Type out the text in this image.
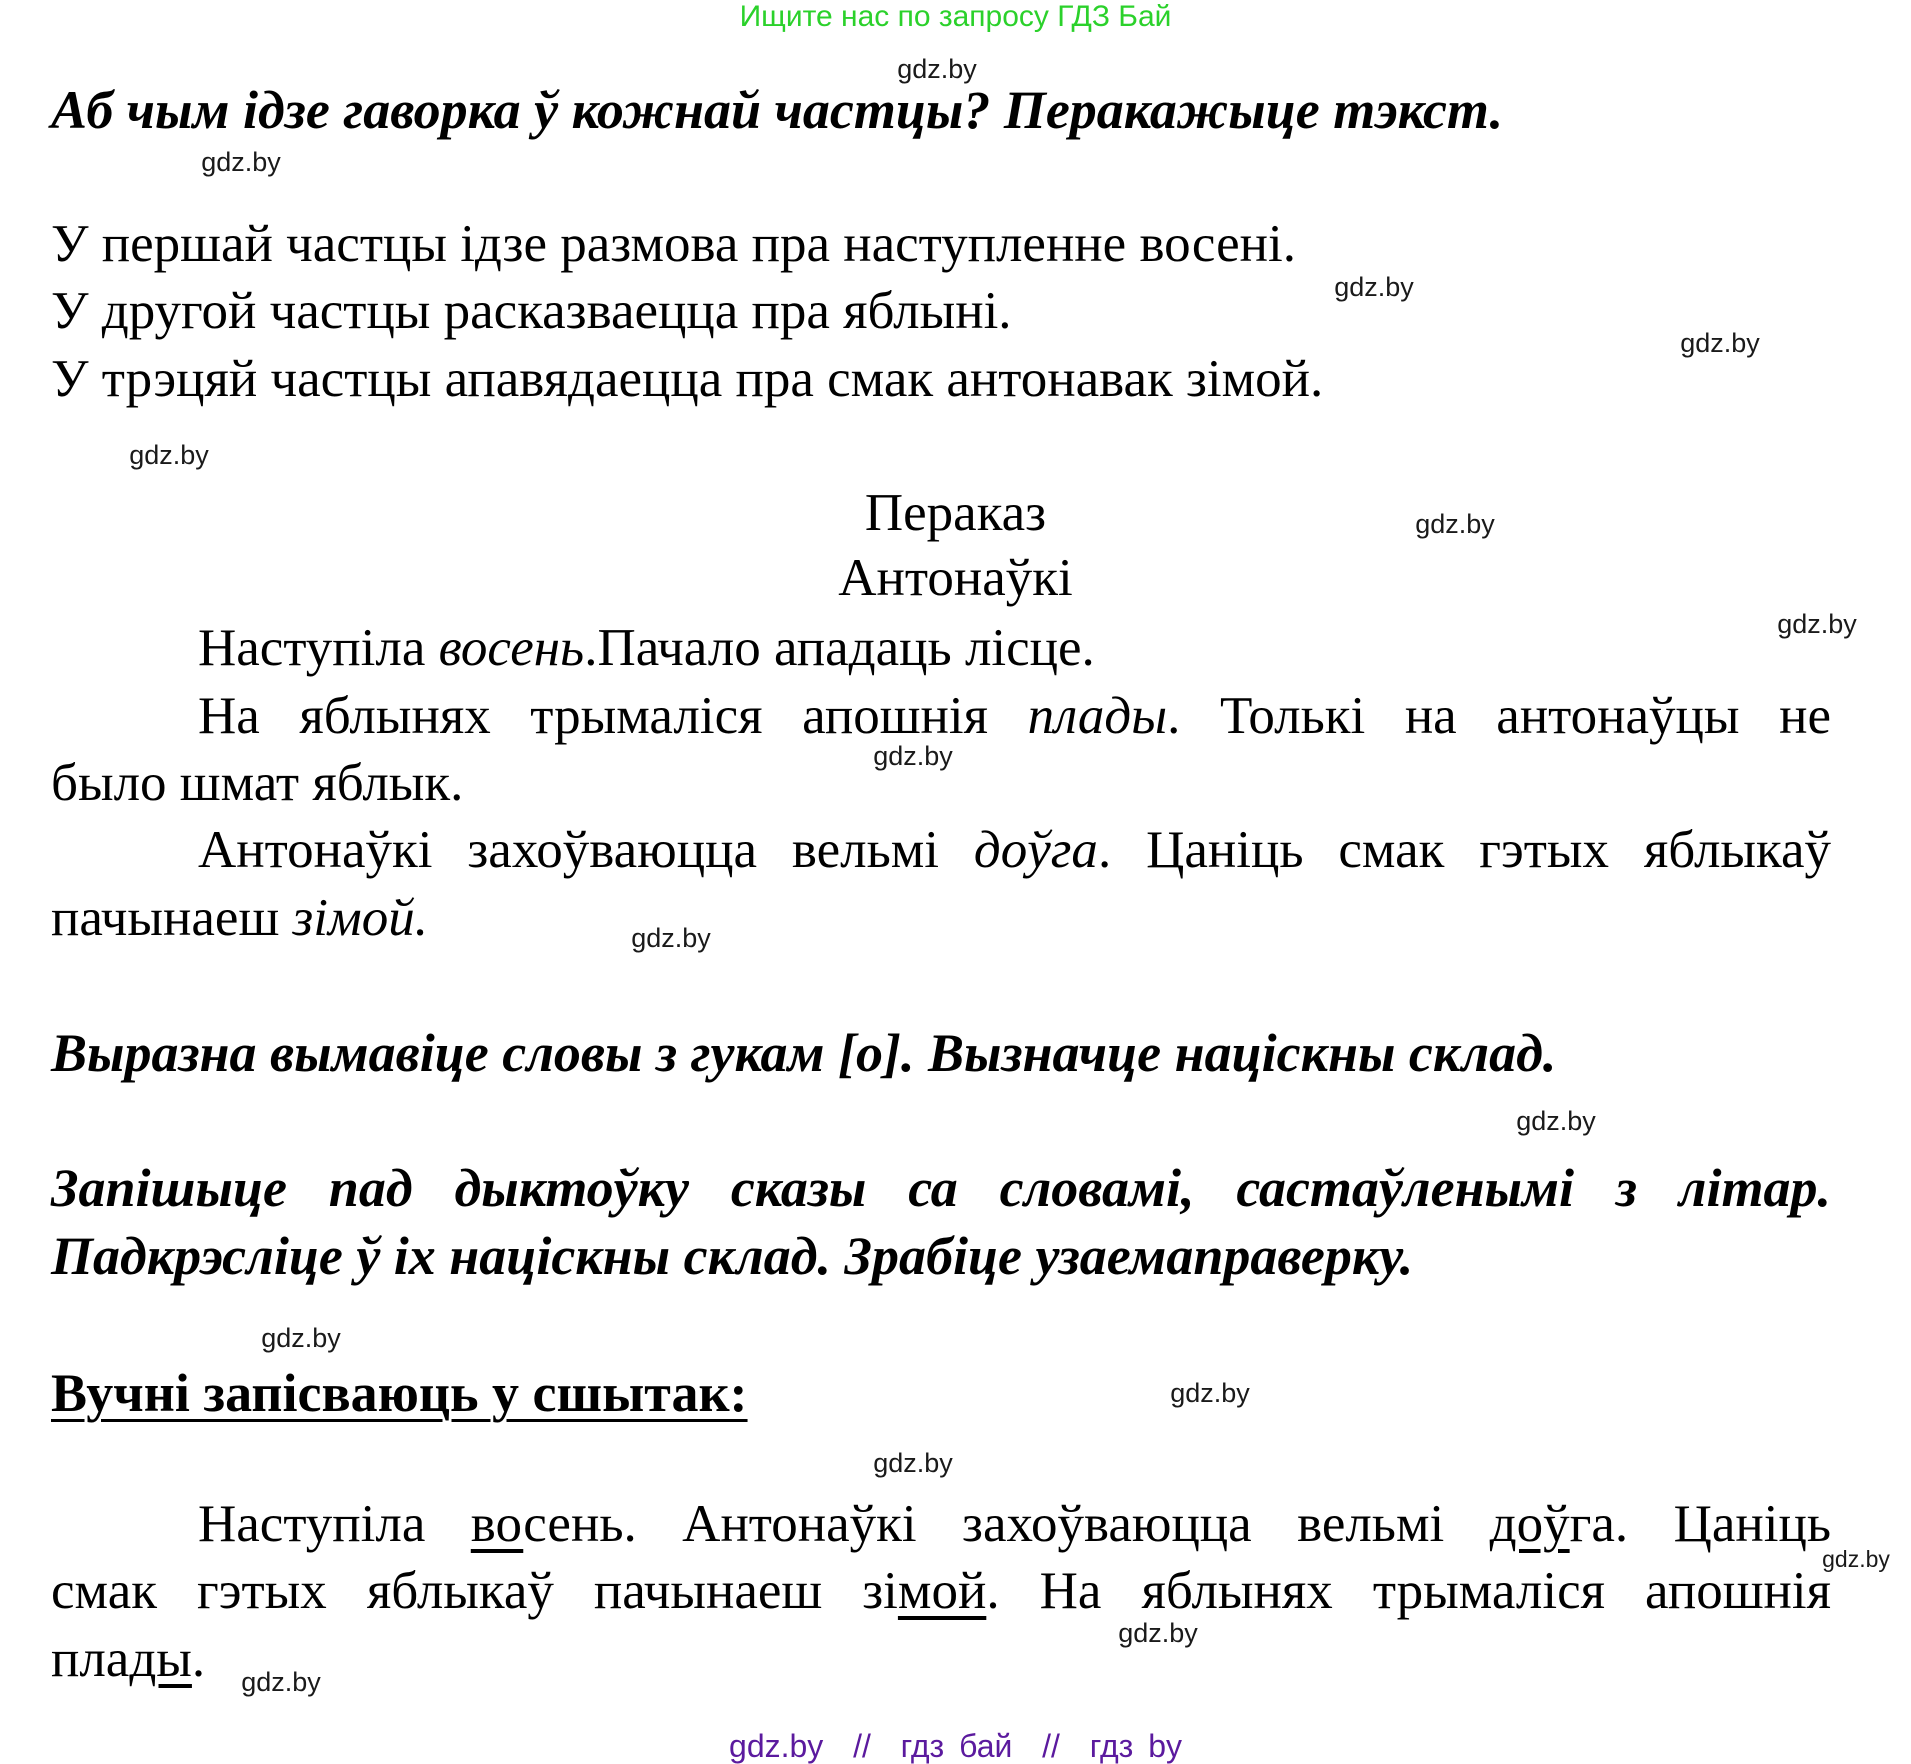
Ищите нас по запросу ГДЗ Бай
gdz.by
gdz.by
gdz.by
gdz.by
gdz.by
gdz.by
gdz.by
gdz.by
gdz.by
gdz.by
gdz.by
gdz.by
gdz.by
gdz.by
gdz.by
gdz.by
Аб чым ідзе гаворка ў кожнай частцы? Перакажыце тэкст.
У першай частцы ідзе размова пра наступленне восені.
У другой частцы расказваецца пра яблыні.
У трэцяй частцы апавядаецца пра смак антонавак зімой.
Пераказ
Антонаўкі
Наступіла восень.Пачало ападаць лісце.
На яблынях трымаліся апошнія плады. Толькі на антонаўцы не
было шмат яблык.
Антонаўкі захоўваюцца вельмі доўга. Цаніць смак гэтых яблыкаў
пачынаеш зімой.
Выразна вымавіце словы з гукам [о]. Вызначце націскны склад.
Запішыце пад дыктоўку сказы са словамі, састаўленымі з літар.
Падкрэсліце ў іх націскны склад. Зрабіце узаемаправерку.
Вучні запісваюць у сшытак:
Наступіла восень. Антонаўкі захоўваюцца вельмі доўга. Цаніць
смак гэтых яблыкаў пачынаеш зімой. На яблынях трымаліся апошнія
плады.
gdz.by  //  гдз бай  //  гдз by
